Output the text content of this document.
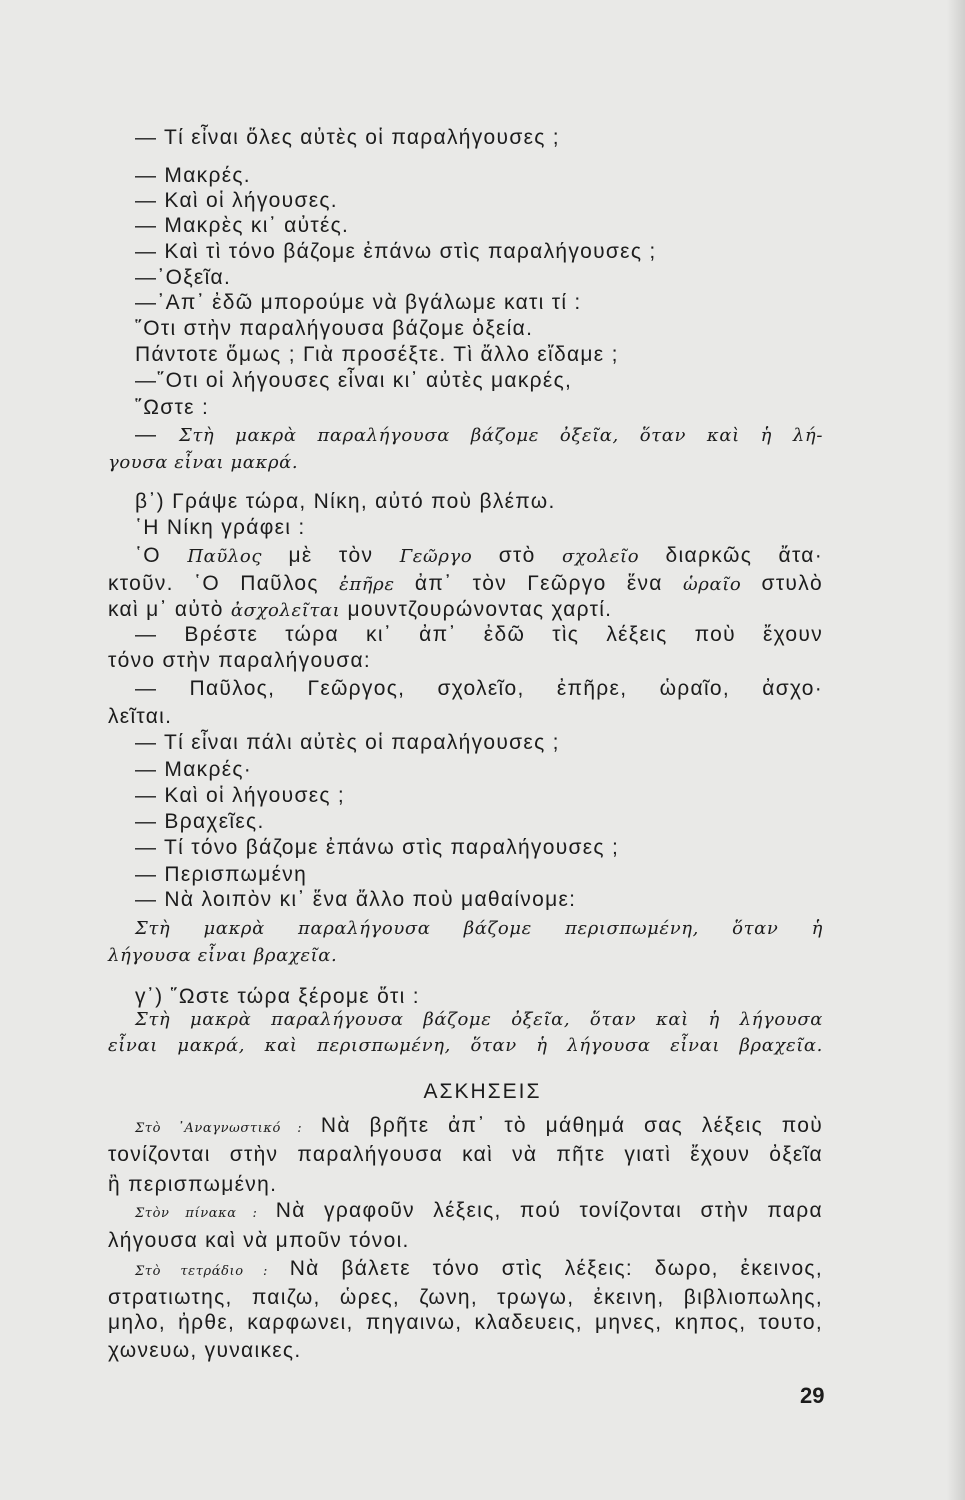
— Τί εἶναι ὅλες αὐτὲς οἱ παραλήγουσες ;
— Μακρές.
— Καὶ οἱ λήγουσες.
— Μακρὲς κι᾽ αὐτές.
— Καὶ τὶ τόνο βάζομε ἐπάνω στὶς παραλήγουσες ;
—᾿Οξεῖα.
—᾿Απ᾽ ἐδῶ μπορούμε νὰ βγάλωμε κατι τί :
῞Οτι στὴν παραλήγουσα βάζομε ὀξεία.
Πάντοτε ὅμως ; Γιὰ προσέξτε. Τὶ ἄλλο εἴδαμε ;
—῞Οτι οἱ λήγουσες εἶναι κι᾽ αὐτὲς μακρές,
῞Ωστε :
— Στὴ μακρὰ παραλήγουσα βάζομε ὀξεῖα, ὅταν καὶ ἡ λή-
γουσα εἶναι μακρά.
β᾽) Γράψε τώρα, Νίκη, αὐτό ποὺ βλέπω.
῾Η Νίκη γράφει :
῾Ο Παῦλος μὲ τὸν Γεῶργο στὸ σχολεῖο διαρκῶς ἄτα·
κτοῦν. ῾Ο Παῦλος ἐπῆρε ἀπ᾽ τὸν Γεῶργο ἕνα ὡραῖο στυλὸ
καὶ μ᾽ αὐτὸ ἀσχολεῖται μουντζουρώνοντας χαρτί.
— Βρέστε τώρα κι᾽ ἀπ᾽ ἐδῶ τὶς λέξεις ποὺ ἔχουν
τόνο στὴν παραλήγουσα:
— Παῦλος, Γεῶργος, σχολεῖο, ἐπῆρε, ὡραῖο, ἀσχο·
λεῖται.
— Τί εἶναι πάλι αὐτὲς οἱ παραλήγουσες ;
— Μακρές·
— Καὶ οἱ λήγουσες ;
— Βραχεῖες.
— Τί τόνο βάζομε ἐπάνω στὶς παραλήγουσες ;
— Περισπωμένη
— Νὰ λοιπὸν κι᾽ ἕνα ἄλλο ποὺ μαθαίνομε:
Στὴ μακρὰ παραλήγουσα βάζομε περισπωμένη, ὅταν ἡ
λήγουσα εἶναι βραχεῖα.
γ᾽) ῞Ωστε τώρα ξέρομε ὅτι :
Στὴ μακρὰ παραλήγουσα βάζομε ὀξεῖα, ὅταν καὶ ἡ λήγουσα
εἶναι μακρά, καὶ περισπωμένη, ὅταν ἡ λήγουσα εἶναι βραχεῖα.
Στὸ ᾿Αναγνωστικό : Νὰ βρῆτε ἀπ᾽ τὸ μάθημά σας λέξεις ποὺ
τονίζονται στὴν παραλήγουσα καὶ νὰ πῆτε γιατὶ ἔχουν ὀξεῖα
ἢ περισπωμένη.
Στὸν πίνακα : Νὰ γραφοῦν λέξεις, πού τονίζονται στὴν παρα
λήγουσα καὶ νὰ μποῦν τόνοι.
Στὸ τετράδιο : Νὰ βάλετε τόνο στὶς λέξεις: δωρο, ἐκεινος,
στρατιωτης, παιζω, ὡρες, ζωνη, τρωγω, ἐκεινη, βιβλιοπωλης,
μηλο, ἠρθε, καρφωνει, πηγαινω, κλαδευεις, μηνες, κηπος, τουτο,
χωνευω, γυναικες.
ΑΣΚΗΣΕΙΣ
29
